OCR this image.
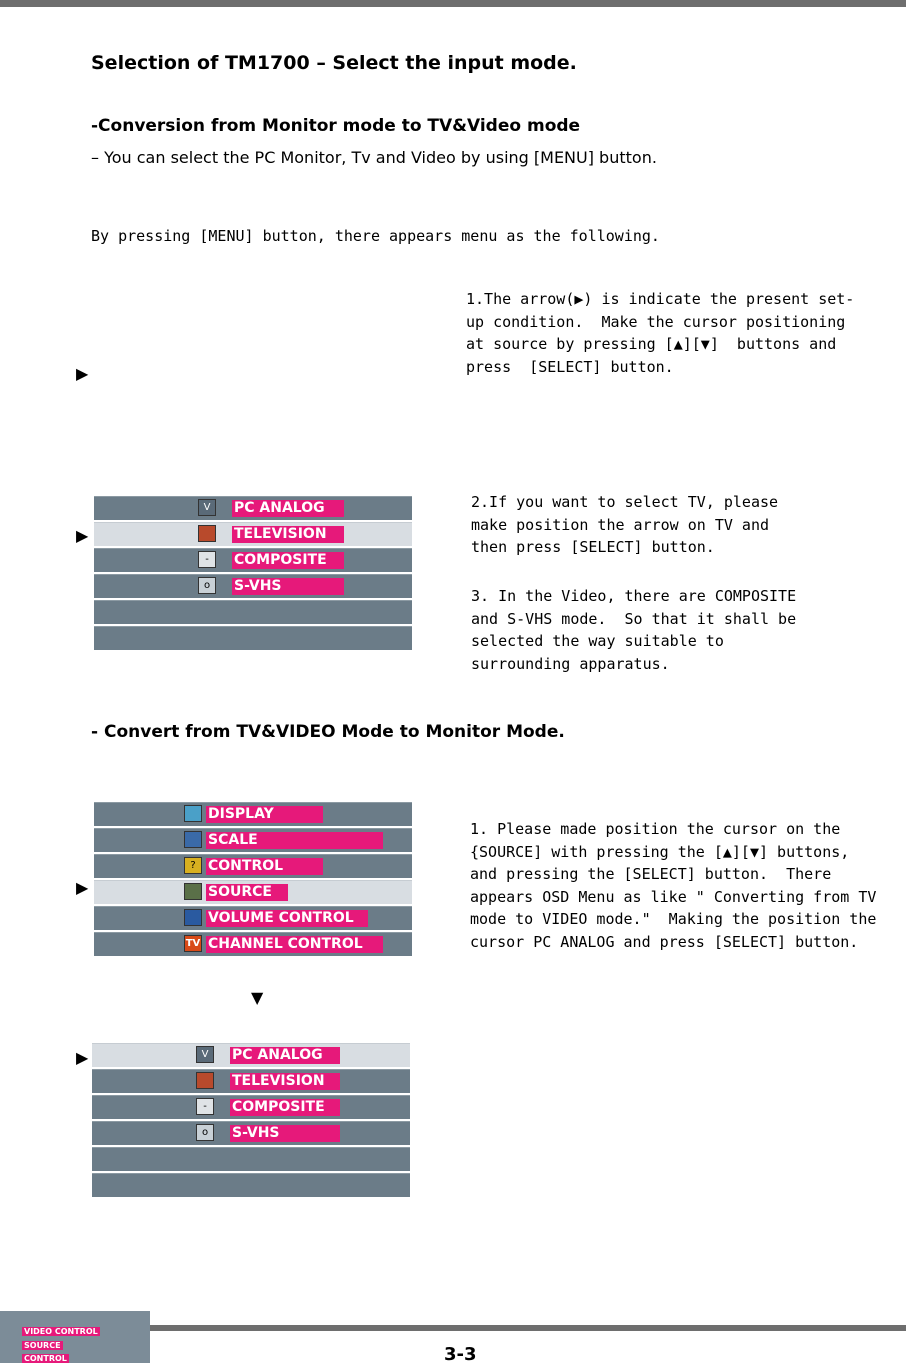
Selection of TM1700 – Select the input mode.
-Conversion from Monitor mode to TV&Video mode
– You can select the PC Monitor, Tv and Video by using [MENU] button.
By pressing [MENU] button, there appears menu as the following.
1.The arrow(▶) is indicate the present set-
up condition.  Make the cursor positioning
at source by pressing [▲][▼]  buttons and
press  [SELECT] button.
▶
▶
V	PC ANALOG
TELEVISION
-	COMPOSITE
o	S-VHS
2.If you want to select TV, please
make position the arrow on TV and
then press [SELECT] button.
3. In the Video, there are COMPOSITE
and S-VHS mode.  So that it shall be
selected the way suitable to
surrounding apparatus.
- Convert from TV&VIDEO Mode to Monitor Mode.
▶
DISPLAY
SCALE
? CONTROL
SOURCE
VOLUME CONTROL
TV CHANNEL CONTROL
1. Please made position the cursor on the
{SOURCE] with pressing the [▲][▼] buttons,
and pressing the [SELECT] button.  There
appears OSD Menu as like " Converting from TV
mode to VIDEO mode."  Making the position the
cursor PC ANALOG and press [SELECT] button.
▼
▶	V	PC ANALOG
TELEVISION
-	COMPOSITE
o	S-VHS
VIDEO CONTROL
SOURCE
CONTROL	3-3
